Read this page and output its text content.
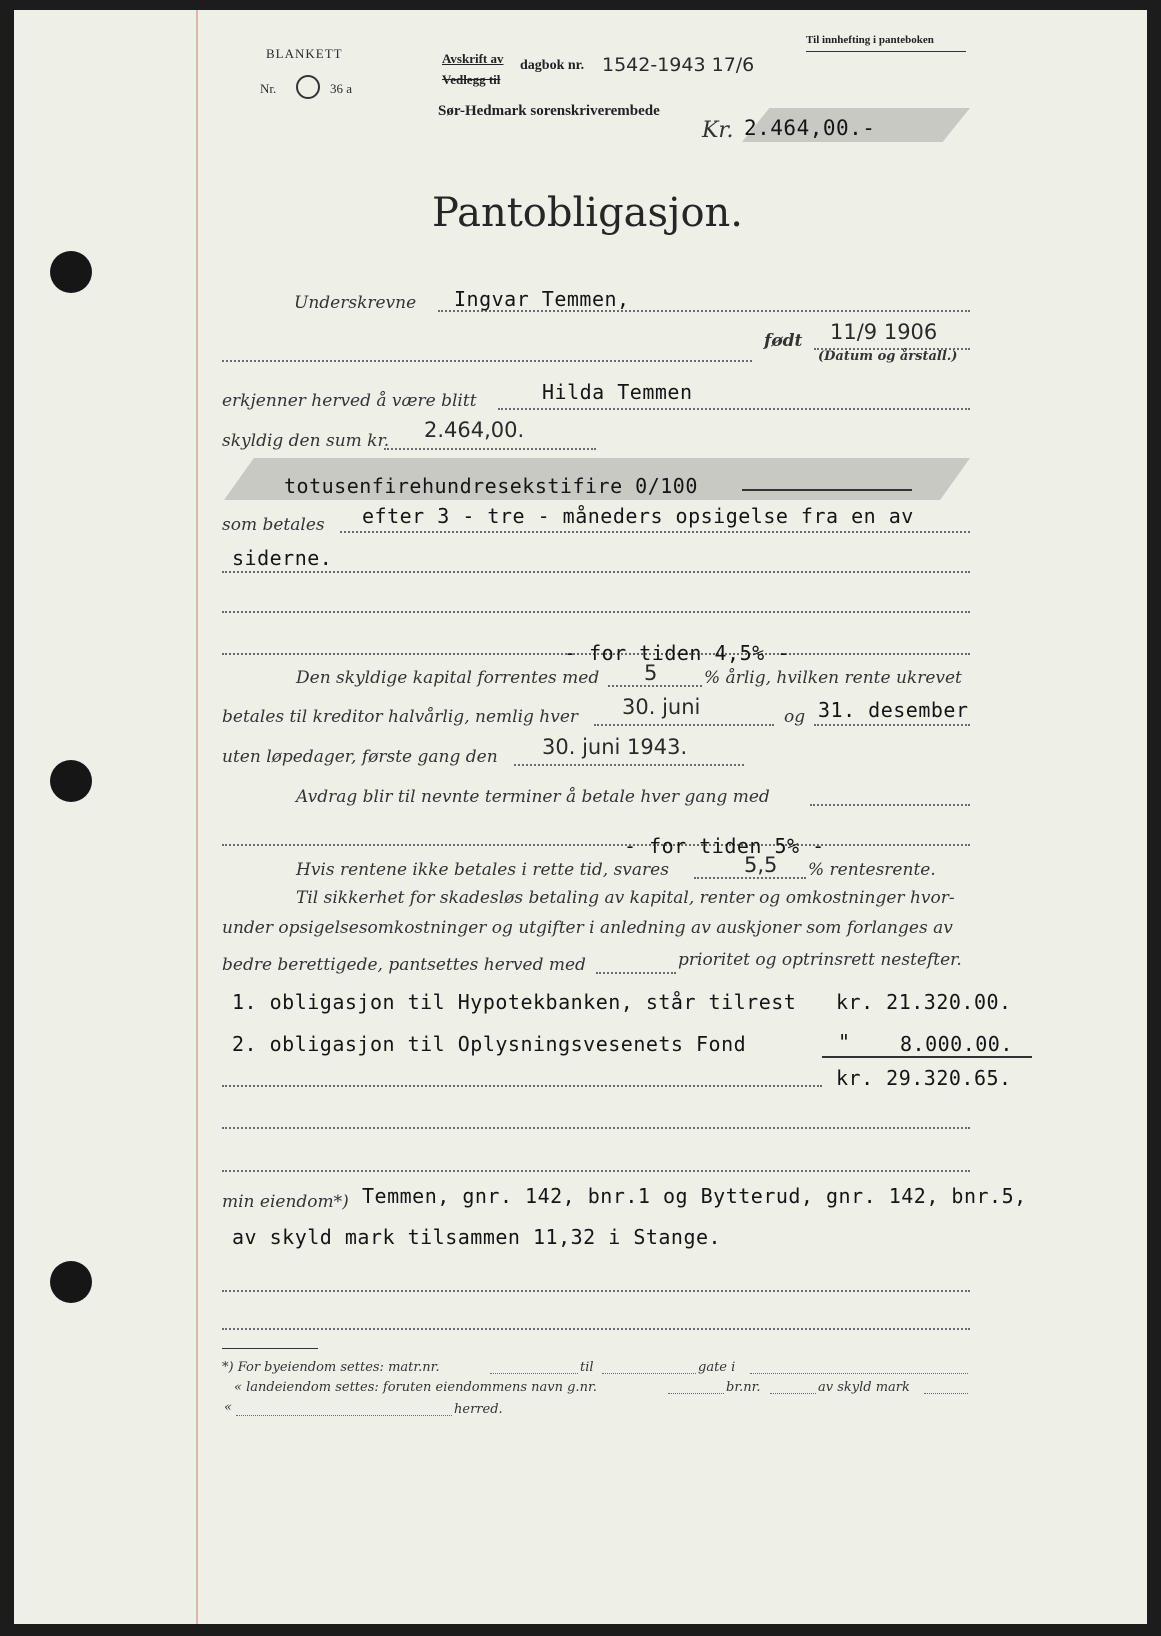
BLANKETT
Nr.	36 a
Avskrift av dagbok nr.
Vedlegg til
Sør-Hedmark sorenskriverembede
1542-1943 17/6
Til innhefting i panteboken
Kr. 2.464,00.-
Pantobligasjon.
Underskrevne Ingvar Temmen,
født 11/9 1906
(Datum og årstall.)
erkjenner herved å være blitt	Hilda Temmen
skyldig den sum kr. 2.464,00.
totusenfirehundresekstifire 0/100
som betales efter 3 - tre - måneders opsigelse fra en av
siderne.
- for tiden 4,5% -
Den skyldige kapital forrentes med 5	% årlig, hvilken rente ukrevet
betales til kreditor halvårlig, nemlig hver 30. juni	og 31. desember
uten løpedager, første gang den 30. juni 1943.
Avdrag blir til nevnte terminer å betale hver gang med
- for tiden 5% -
Hvis rentene ikke betales i rette tid, svares	5,5 % rentesrente.
Til sikkerhet for skadesløs betaling av kapital, renter og omkostninger hvor-
under opsigelsesomkostninger og utgifter i anledning av auskjoner som forlanges av
bedre berettigede, pantsettes herved med	prioritet og optrinsrett nestefter.
1. obligasjon til Hypotekbanken, står tilrest kr. 21.320.00.
2. obligasjon til Oplysningsvesenets Fond	" 8.000.00.
kr. 29.320.65.
min eiendom*) Temmen, gnr. 142, bnr.1 og Bytterud, gnr. 142, bnr.5,
av skyld mark tilsammen 11,32 i Stange.
*) For byeiendom settes: matr.nr.	til	gate i
« landeiendom settes: foruten eiendommens navn g.nr.	br.nr.	av skyld mark
«	herred.
